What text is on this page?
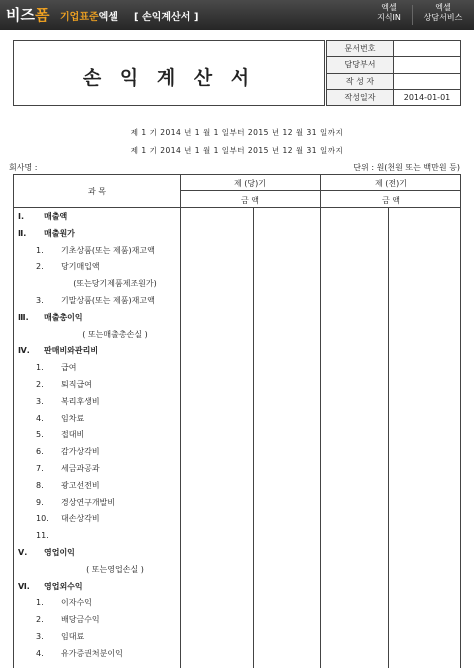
비즈폼 기업표준엑셀 [ 손익계산서 ]
엑셀
지식IN
엑셀
상담서비스
손 익 계 산 서
문서번호	
담당부서	
작 성 자	
작성일자	2014-01-01
제 1 기 2014 년 1 월 1 일부터 2015 년 12 월 31 일까지
제 1 기 2014 년 1 월 1 일부터 2015 년 12 월 31 일까지
회사명 :	단위 : 원(천원 또는 백만원 등)
과 목
제 (당)기	제 (전)기
금 액	금 액
Ⅰ. 매출액
Ⅱ. 매출원가
1. 기초상품(또는 제품)재고액
2. 당기매입액
(또는당기제품제조원가)
3. 기말상품(또는 제품)재고액
Ⅲ. 매출총이익
( 또는매출총손실 )
Ⅳ. 판매비와관리비
1. 급여
2. 퇴직급여
3. 복리후생비
4. 임차료
5. 접대비
6. 감가상각비
7. 세금과공과
8. 광고선전비
9. 경상연구개발비
10. 대손상각비
11.
Ⅴ. 영업이익
( 또는영업손실 )
Ⅵ. 영업외수익
1. 이자수익
2. 배당금수익
3. 임대료
4. 유가증권처분이익
